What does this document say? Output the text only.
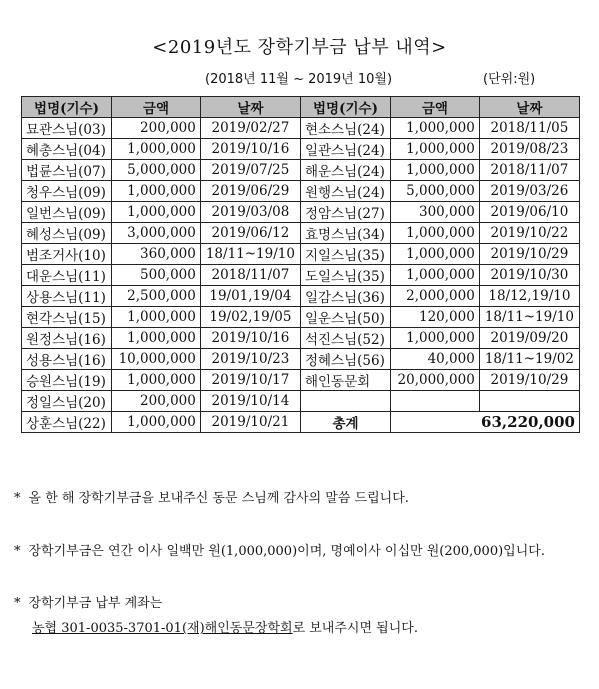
<2019년도 장학기부금 납부 내역>
(2018년 11월 ~ 2019년 10월)	(단위:원)
법명(기수)	금액	날짜	법명(기수)	금액	날짜
묘관스님(03)	200,000	2019/02/27	현소스님(24)	1,000,000	2018/11/05
혜총스님(04)	1,000,000	2019/10/16	일관스님(24)	1,000,000	2019/08/23
법륜스님(07)	5,000,000	2019/07/25	해운스님(24)	1,000,000	2018/11/07
청우스님(09)	1,000,000	2019/06/29	원행스님(24)	5,000,000	2019/03/26
일번스님(09)	1,000,000	2019/03/08	정암스님(27)	300,000	2019/06/10
혜성스님(09)	3,000,000	2019/06/12	효명스님(34)	1,000,000	2019/10/22
범조거사(10)	360,000	18/11~19/10	지일스님(35)	1,000,000	2019/10/29
대운스님(11)	500,000	2018/11/07	도일스님(35)	1,000,000	2019/10/30
상용스님(11)	2,500,000	19/01,19/04	일감스님(36)	2,000,000	18/12,19/10
현각스님(15)	1,000,000	19/02,19/05	일운스님(50)	120,000	18/11~19/10
원정스님(16)	1,000,000	2019/10/16	석진스님(52)	1,000,000	2019/09/20
성용스님(16)	10,000,000	2019/10/23	정혜스님(56)	40,000	18/11~19/02
승원스님(19)	1,000,000	2019/10/17	해인동문회	20,000,000	2019/10/29
정일스님(20)	200,000	2019/10/14			
상훈스님(22)	1,000,000	2019/10/21	총계	63,220,000	
* 올 한 해 장학기부금을 보내주신 동문 스님께 감사의 말씀 드립니다.
* 장학기부금은 연간 이사 일백만 원(1,000,000)이며, 명예이사 이십만 원(200,000)입니다.
* 장학기부금 납부 계좌는
농협 301-0035-3701-01(재)해인동문장학회로 보내주시면 됩니다.
